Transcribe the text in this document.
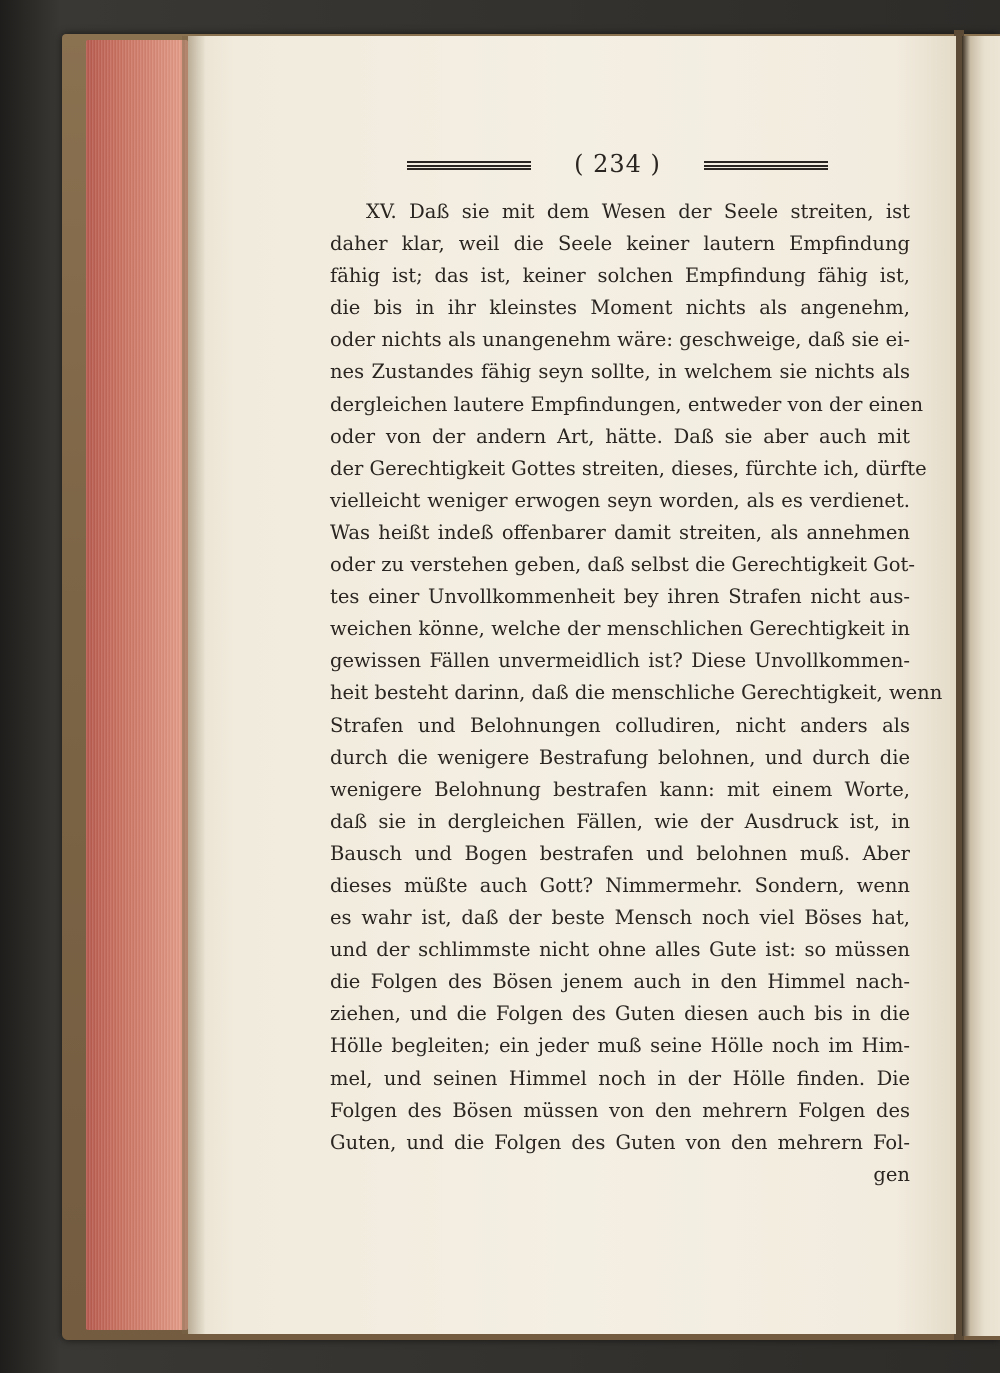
( 234 )
XV. Daß sie mit dem Wesen der Seele streiten, ist
daher klar, weil die Seele keiner lautern Empfindung
fähig ist; das ist, keiner solchen Empfindung fähig ist,
die bis in ihr kleinstes Moment nichts als angenehm,
oder nichts als unangenehm wäre: geschweige, daß sie ei-
nes Zustandes fähig seyn sollte, in welchem sie nichts als
dergleichen lautere Empfindungen, entweder von der einen
oder von der andern Art, hätte. Daß sie aber auch mit
der Gerechtigkeit Gottes streiten, dieses, fürchte ich, dürfte
vielleicht weniger erwogen seyn worden, als es verdienet.
Was heißt indeß offenbarer damit streiten, als annehmen
oder zu verstehen geben, daß selbst die Gerechtigkeit Got-
tes einer Unvollkommenheit bey ihren Strafen nicht aus-
weichen könne, welche der menschlichen Gerechtigkeit in
gewissen Fällen unvermeidlich ist? Diese Unvollkommen-
heit besteht darinn, daß die menschliche Gerechtigkeit, wenn
Strafen und Belohnungen colludiren, nicht anders als
durch die wenigere Bestrafung belohnen, und durch die
wenigere Belohnung bestrafen kann: mit einem Worte,
daß sie in dergleichen Fällen, wie der Ausdruck ist, in
Bausch und Bogen bestrafen und belohnen muß. Aber
dieses müßte auch Gott? Nimmermehr. Sondern, wenn
es wahr ist, daß der beste Mensch noch viel Böses hat,
und der schlimmste nicht ohne alles Gute ist: so müssen
die Folgen des Bösen jenem auch in den Himmel nach-
ziehen, und die Folgen des Guten diesen auch bis in die
Hölle begleiten; ein jeder muß seine Hölle noch im Him-
mel, und seinen Himmel noch in der Hölle finden. Die
Folgen des Bösen müssen von den mehrern Folgen des
Guten, und die Folgen des Guten von den mehrern Fol-
gen
